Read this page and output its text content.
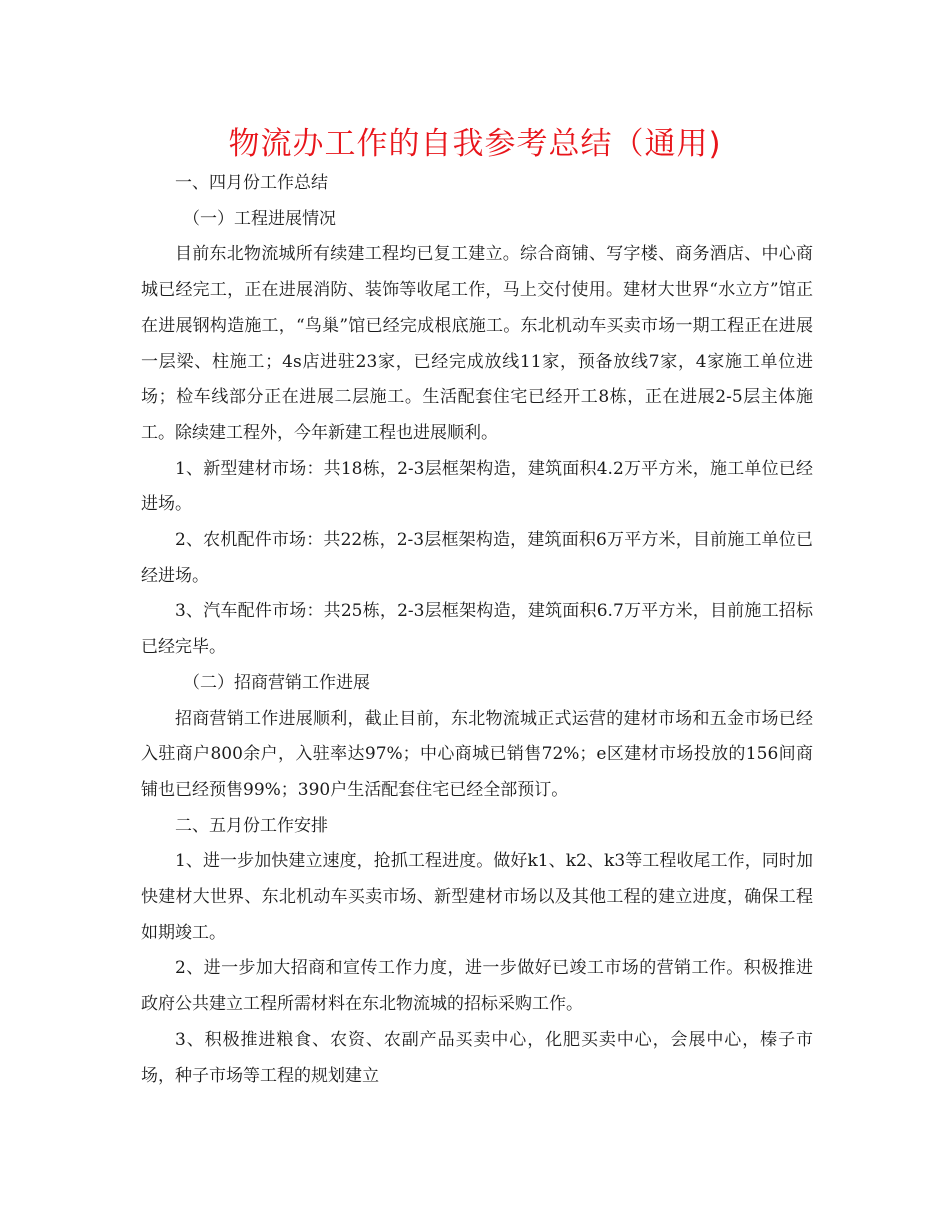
物流办工作的自我参考总结（通用)

一、四月份工作总结

（一）工程进展情况

目前东北物流城所有续建工程均已复工建立。综合商铺、写字楼、商务酒店、中心商城已经完工，正在进展消防、装饰等收尾工作，马上交付使用。建材大世界“水立方”馆正在进展钢构造施工，“鸟巢”馆已经完成根底施工。东北机动车买卖市场一期工程正在进展一层梁、柱施工；4s店进驻23家，已经完成放线11家，预备放线7家，4家施工单位进场；检车线部分正在进展二层施工。生活配套住宅已经开工8栋，正在进展2-5层主体施工。除续建工程外，今年新建工程也进展顺利。

1、新型建材市场：共18栋，2-3层框架构造，建筑面积4.2万平方米，施工单位已经进场。

2、农机配件市场：共22栋，2-3层框架构造，建筑面积6万平方米，目前施工单位已经进场。

3、汽车配件市场：共25栋，2-3层框架构造，建筑面积6.7万平方米，目前施工招标已经完毕。

（二）招商营销工作进展

招商营销工作进展顺利，截止目前，东北物流城正式运营的建材市场和五金市场已经入驻商户800余户，入驻率达97%；中心商城已销售72%；e区建材市场投放的156间商铺也已经预售99%；390户生活配套住宅已经全部预订。

二、五月份工作安排

1、进一步加快建立速度，抢抓工程进度。做好k1、k2、k3等工程收尾工作，同时加快建材大世界、东北机动车买卖市场、新型建材市场以及其他工程的建立进度，确保工程如期竣工。

2、进一步加大招商和宣传工作力度，进一步做好已竣工市场的营销工作。积极推进政府公共建立工程所需材料在东北物流城的招标采购工作。

3、积极推进粮食、农资、农副产品买卖中心，化肥买卖中心，会展中心，榛子市场，种子市场等工程的规划建立
